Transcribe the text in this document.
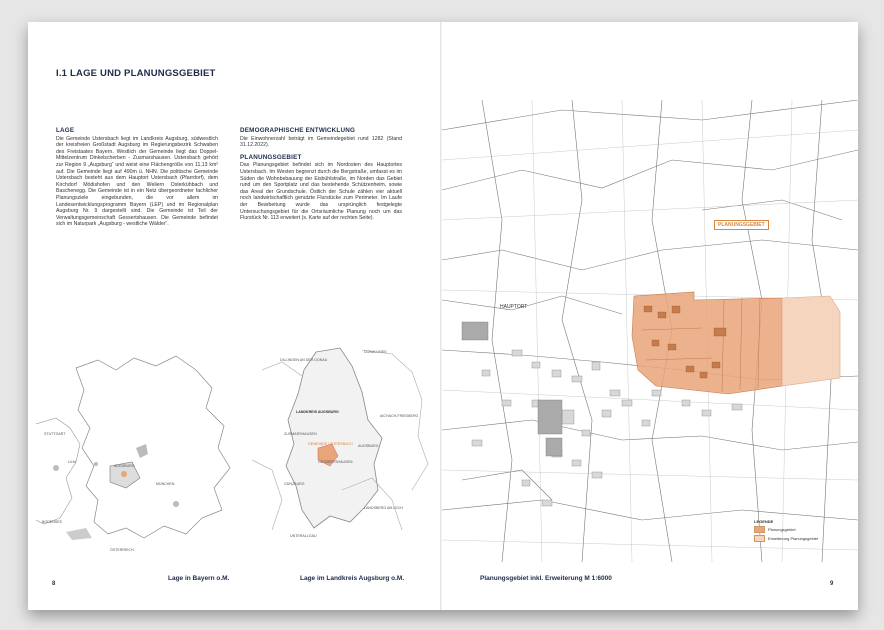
I.1 LAGE UND PLANUNGSGEBIET
LAGE

Die Gemeinde Ustersbach liegt im Landkreis Augsburg, südwestlich der kreisfreien Großstadt Augsburg im Regierungsbezirk Schwaben des Freistaates Bayern. Westlich der Gemeinde liegt das Doppel-Mittelzentrum Dinkelscherben - Zusmarshausen. Ustersbach gehört zur Region 9 „Augsburg“ und weist eine Flächengröße von 11,13 km² auf. Die Gemeinde liegt auf 490m ü. NHN. Die politische Gemeinde Ustersbach besteht aus dem Hauptort Ustersbach (Pfarrdorf), dem Kirchdorf Mödishofen und den Weilern Osterkühbach und Baschenegg. Die Gemeinde ist in ein Netz übergeordneter fachlicher Planungsziele eingebunden, die vor allem im Landesentwicklungsprogramm Bayern (LEP) und im Regionalplan Augsburg Nr. 9 dargestellt sind. Die Gemeinde ist Teil der Verwaltungsgemeinschaft Gessertshausen. Die Gemeinde befindet sich im Naturpark „Augsburg - westliche Wälder“.

DEMOGRAPHISCHE ENTWICKLUNG

Die Einwohnerzahl beträgt im Gemeindegebiet rund 1282 (Stand 31.12.2022).

PLANUNGSGEBIET

Das Planungsgebiet befindet sich im Nordosten des Hauptortes Ustersbach. Im Westen begrenzt durch die Bergstraße, umfasst es im Süden die Wohnbebauung der Eisbühlstraße, im Norden das Gebiet rund um den Sportplatz und das bestehende Schützenheim, sowie das Areal der Grundschule. Östlich der Schule zählen vier aktuell noch landwirtschaftlich genutzte Flurstücke zum Perimeter. Im Laufe der Bearbeitung wurde das ursprünglich festgelegte Untersuchungsgebiet für die Ortsräumliche Planung noch um das Flurstück Nr. 113 erweitert (s. Karte auf der rechten Seite).

STUTTGART
ULM
AUGSBURG
MÜNCHEN
BODENSEE
ÖSTERREICH
DILLINGEN AN DER DONAU
DONAU-RIES
LANDKREIS AUGSBURG
AICHACH-FRIEDBERG
ZUSMARSHAUSEN
GEMEINDE USTERSBACH
GESSERTSHAUSEN
AUGSBURG
GÜNZBURG
LANDSBERG AM LECH
UNTERALLGÄU
Lage in Bayern o.M.	Lage im Landkreis Augsburg o.M.
8
PLANUNGSGEBIET
HAUPTORT
LEGENDE
Planungsgebiet
Erweiterung Planungsgebiet
Planungsgebiet inkl. Erweiterung M 1:6000
9
